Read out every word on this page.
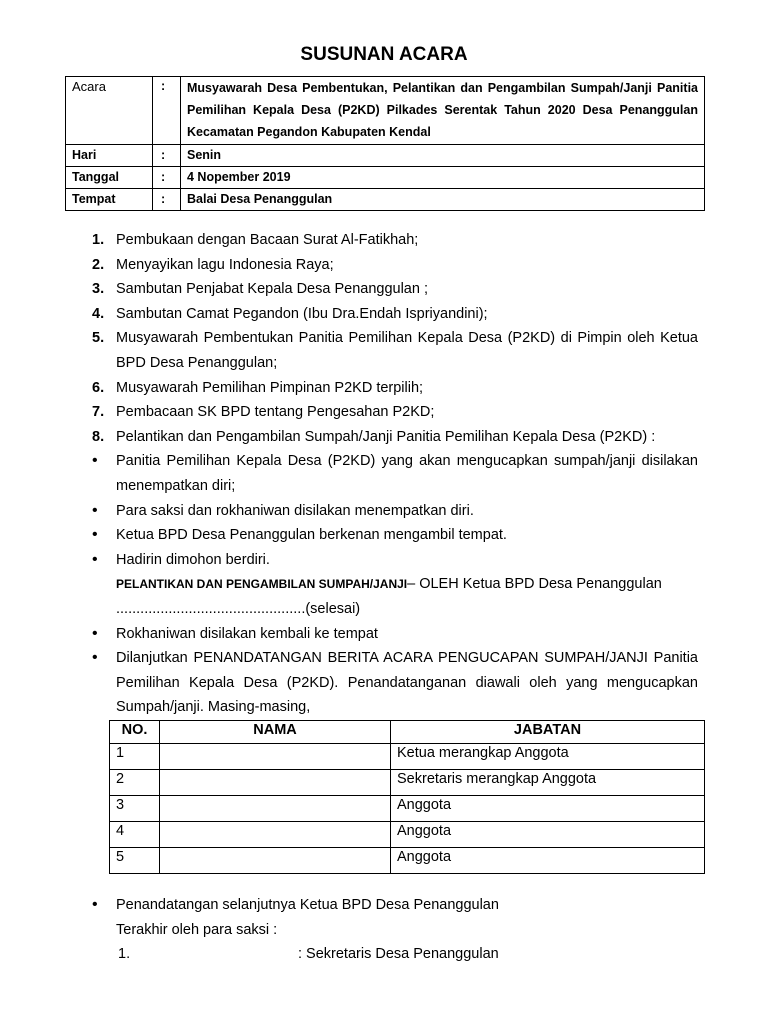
SUSUNAN ACARA
Acara	:	Musyawarah Desa Pembentukan, Pelantikan dan Pengambilan Sumpah/Janji Panitia Pemilihan Kepala Desa (P2KD) Pilkades Serentak Tahun 2020 Desa Penanggulan Kecamatan Pegandon Kabupaten Kendal
Hari	:	Senin
Tanggal	:	4 Nopember 2019
Tempat	:	Balai Desa Penanggulan
1. Pembukaan dengan Bacaan Surat Al-Fatikhah;
2. Menyayikan lagu Indonesia Raya;
3. Sambutan Penjabat Kepala Desa Penanggulan ;
4. Sambutan Camat Pegandon (Ibu Dra.Endah Ispriyandini);
5. Musyawarah Pembentukan Panitia Pemilihan Kepala Desa (P2KD) di Pimpin oleh Ketua BPD Desa Penanggulan;
6. Musyawarah Pemilihan Pimpinan P2KD terpilih;
7. Pembacaan SK BPD tentang Pengesahan P2KD;
8. Pelantikan dan Pengambilan Sumpah/Janji Panitia Pemilihan Kepala Desa (P2KD) :
•	Panitia Pemilihan Kepala Desa (P2KD) yang akan mengucapkan sumpah/janji disilakan menempatkan diri;
•	Para saksi dan rokhaniwan disilakan menempatkan diri.
•	Ketua BPD Desa Penanggulan berkenan mengambil tempat.
•	Hadirin dimohon berdiri.
PELANTIKAN DAN PENGAMBILAN SUMPAH/JANJI– OLEH Ketua BPD Desa Penanggulan
...............................................(selesai)
•	Rokhaniwan disilakan kembali ke tempat
•	Dilanjutkan PENANDATANGAN BERITA ACARA PENGUCAPAN SUMPAH/JANJI Panitia Pemilihan Kepala Desa (P2KD). Penandatanganan diawali oleh yang mengucapkan Sumpah/janji. Masing-masing,
NO.	NAMA	JABATAN
1		Ketua merangkap Anggota
2		Sekretaris merangkap Anggota
3		Anggota
4		Anggota
5		Anggota
•	Penandatangan selanjutnya Ketua BPD Desa Penanggulan
Terakhir oleh para saksi :
1.	: Sekretaris Desa Penanggulan
